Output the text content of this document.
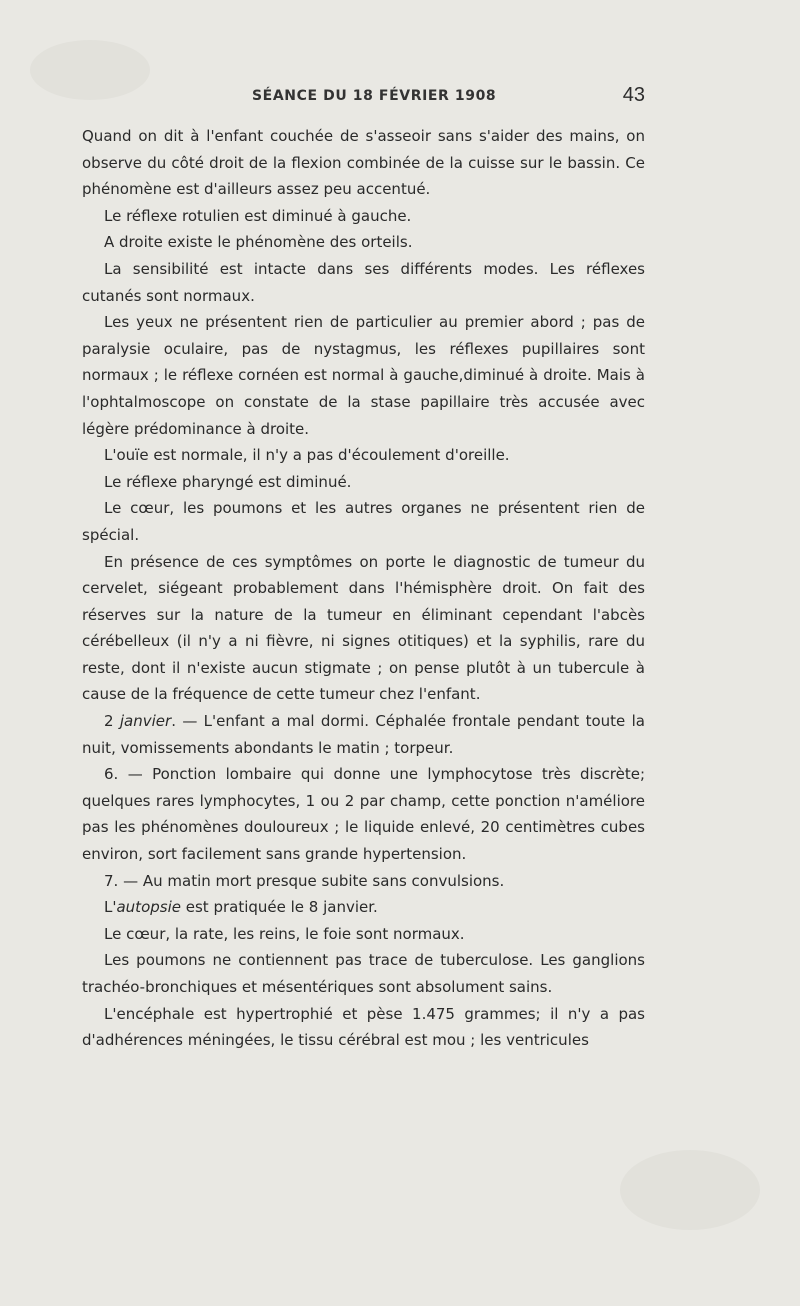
SÉANCE DU 18 FÉVRIER 1908	43

Quand on dit à l'enfant couchée de s'asseoir sans s'aider des mains, on observe du côté droit de la flexion combinée de la cuisse sur le bassin. Ce phénomène est d'ailleurs assez peu accentué.

Le réflexe rotulien est diminué à gauche.

A droite existe le phénomène des orteils.

La sensibilité est intacte dans ses différents modes. Les réflexes cutanés sont normaux.

Les yeux ne présentent rien de particulier au premier abord ; pas de paralysie oculaire, pas de nystagmus, les réflexes pupillaires sont normaux ; le réflexe cornéen est normal à gauche,diminué à droite. Mais à l'ophtalmoscope on constate de la stase papillaire très accusée avec légère prédominance à droite.

L'ouïe est normale, il n'y a pas d'écoulement d'oreille.

Le réflexe pharyngé est diminué.

Le cœur, les poumons et les autres organes ne présentent rien de spécial.

En présence de ces symptômes on porte le diagnostic de tumeur du cervelet, siégeant probablement dans l'hémisphère droit. On fait des réserves sur la nature de la tumeur en éliminant cependant l'abcès cérébelleux (il n'y a ni fièvre, ni signes otitiques) et la syphilis, rare du reste, dont il n'existe aucun stigmate ; on pense plutôt à un tubercule à cause de la fréquence de cette tumeur chez l'enfant.

2 janvier. — L'enfant a mal dormi. Céphalée frontale pendant toute la nuit, vomissements abondants le matin ; torpeur.

6. — Ponction lombaire qui donne une lymphocytose très discrète; quelques rares lymphocytes, 1 ou 2 par champ, cette ponction n'améliore pas les phénomènes douloureux ; le liquide enlevé, 20 centimètres cubes environ, sort facilement sans grande hypertension.

7. — Au matin mort presque subite sans convulsions.

L'autopsie est pratiquée le 8 janvier.

Le cœur, la rate, les reins, le foie sont normaux.

Les poumons ne contiennent pas trace de tuberculose. Les ganglions trachéo-bronchiques et mésentériques sont absolument sains.

L'encéphale est hypertrophié et pèse 1.475 grammes; il n'y a pas d'adhérences méningées, le tissu cérébral est mou ; les ventricules
